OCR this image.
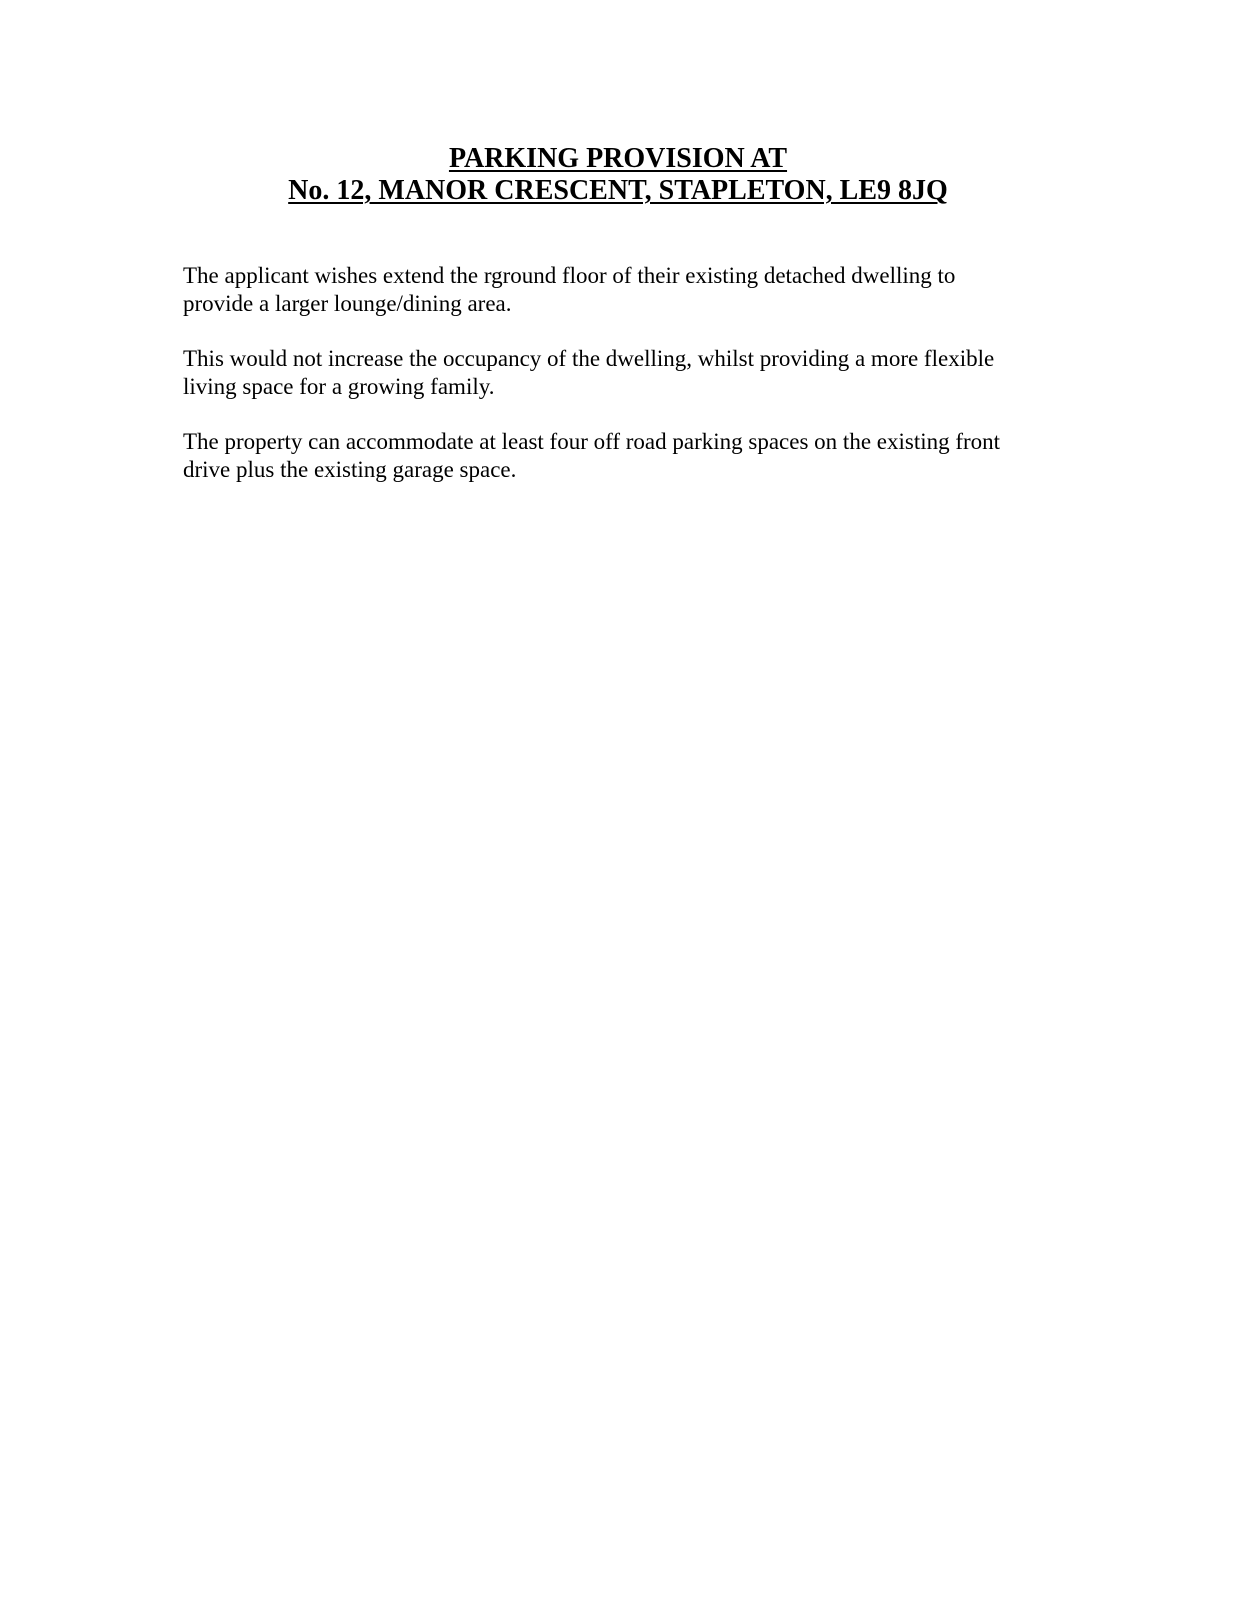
PARKING PROVISION AT
No. 12, MANOR CRESCENT, STAPLETON, LE9 8JQ

The applicant wishes extend the rground floor of their existing detached dwelling to
provide a larger lounge/dining area.

This would not increase the occupancy of the dwelling, whilst providing a more flexible
living space for a growing family.

The property can accommodate at least four off road parking spaces on the existing front
drive plus the existing garage space.
